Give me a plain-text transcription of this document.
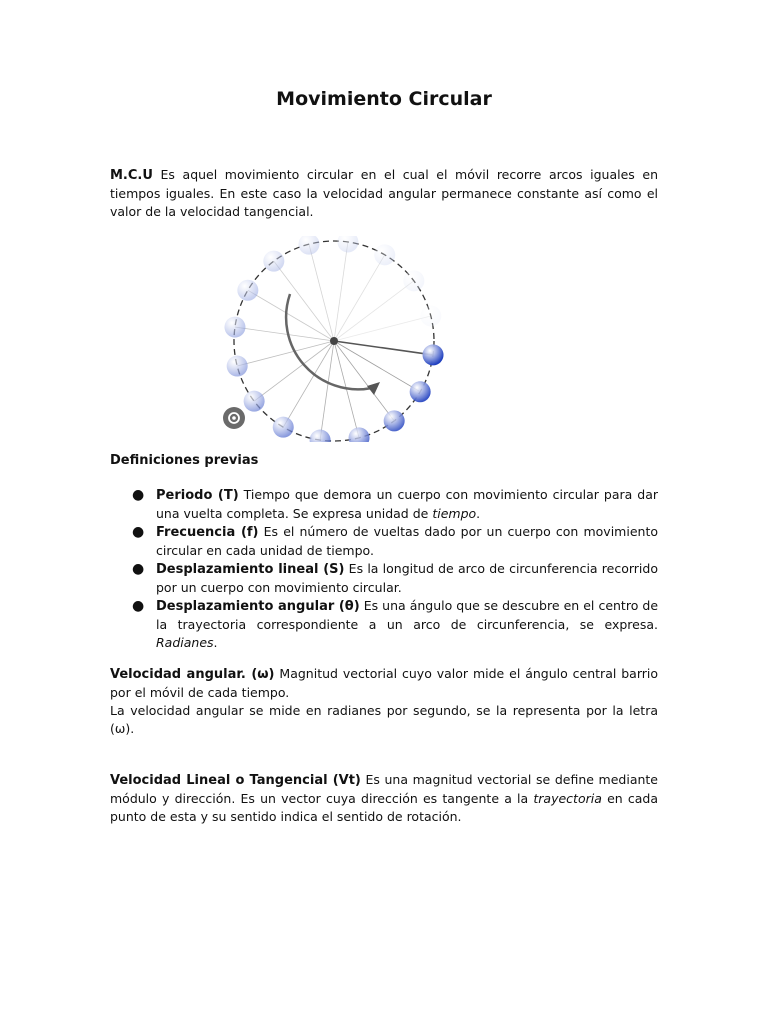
Movimiento Circular

M.C.U Es aquel movimiento circular en el cual el móvil recorre arcos iguales en tiempos iguales. En este caso la velocidad angular permanece constante así como el valor de la velocidad tangencial.

Definiciones previas
● Periodo (T) Tiempo que demora un cuerpo con movimiento circular para dar una vuelta completa. Se expresa unidad de tiempo.
● Frecuencia (f) Es el número de vueltas dado por un cuerpo con movimiento circular en cada unidad de tiempo.
● Desplazamiento lineal (S) Es la longitud de arco de circunferencia recorrido por un cuerpo con movimiento circular.
● Desplazamiento angular (θ) Es una ángulo que se descubre en el centro de la trayectoria correspondiente a un arco de circunferencia, se expresa. Radianes.

Velocidad angular. (ω) Magnitud vectorial cuyo valor mide el ángulo central barrio por el móvil de cada tiempo.
La velocidad angular se mide en radianes por segundo, se la representa por la letra (ω).

Velocidad Lineal o Tangencial (Vt) Es una magnitud vectorial se define mediante módulo y dirección. Es un vector cuya dirección es tangente a la trayectoria en cada punto de esta y su sentido indica el sentido de rotación.
